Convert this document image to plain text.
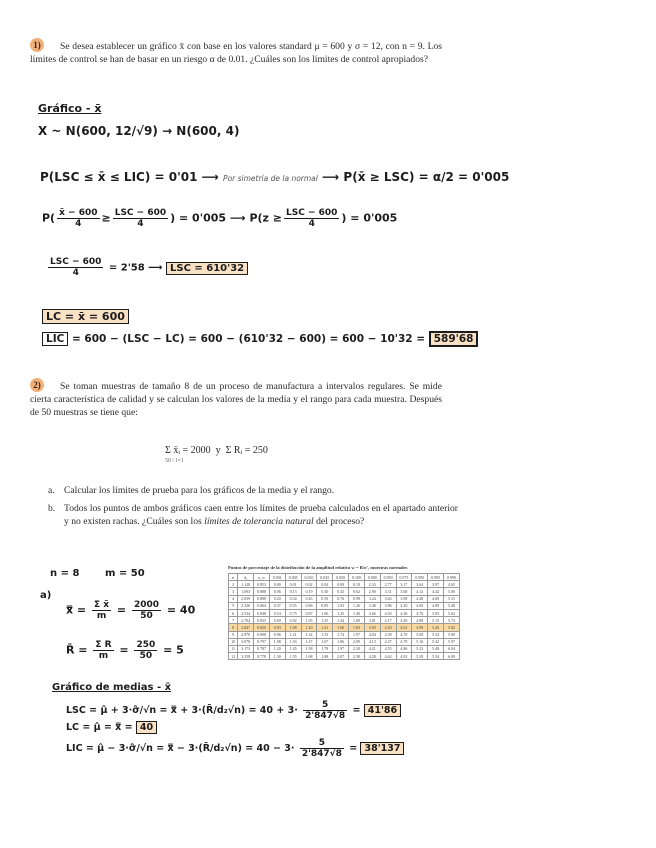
1) Se desea establecer un gráfico x̄ con base en los valores standard μ = 600 y σ = 12, con n = 9. Los límites de control se han de basar en un riesgo α de 0.01. ¿Cuáles son los límites de control apropiados?
Gráfico - x̄
X ~ N(600, 12/√9) → N(600, 4)
P(LSC ≤ x̄ ≤ LIC) = 0'01 ⟶ Por simetría de la normal ⟶ P(x̄ ≥ LSC) = α/2 = 0'005
$P( \frac{x̄ - 600}{4} \ge \frac{\text{LSC − 600}}{4}$ ) = 0'005 ⟶ $P(z \ge \frac{\text{LSC − 600}}{4}$ ) = 0'005
$\frac{\text{LSC − 600}}{4} = 2'58$ ⟶ LSC = 610'32
LC = x̄ = 600
LIC = 600 − (LSC − LC) = 600 − (610'32 − 600) = 600 − 10'32 = 589'68
2) Se toman muestras de tamaño 8 de un proceso de manufactura a intervalos regulares. Se mide cierta característica de calidad y se calculan los valores de la media y el rango para cada muestra. Después de 50 muestras se tiene que:
Σ x̄ᵢ = 2000 y Σ Rᵢ = 250
50 / i=1
a. Calcular los límites de prueba para los gráficos de la media y el rango.
b. Todos los puntos de ambos gráficos caen entre los límites de prueba calculados en el apartado anterior y no existen rachas. ¿Cuáles son los límites de tolerancia natural del proceso?
n = 8	m = 50
a)
x̿ = $\frac{\text{Σ x̄}}{m} = \frac{2000}{50} = 40$
R̄ = $\frac{\text{Σ R}}{m} = \frac{250}{50} = 5$
Gráfico de medias - x̄
LSC = μ̂ + 3·σ̂/√n = x̿ + 3·(R̄/d₂√n) = $40 + 3\cdot \frac{5}{2'847√8} = 41'86$
LC = μ̂ = x̿ = 40
LIC = μ̂ − 3·σ̂/√n = x̿ − 3·(R̄/d₂√n) = $40 - 3\cdot \frac{5}{2'847√8} = 38'137$
Puntos de porcentaje de la distribución de la amplitud relativa w = R/σ', muestras normales
n	d₂	σ_w	0.001	0.005	0.010	0.025	0.050	0.100	0.900	0.950	0.975	0.990	0.995	0.999
2	1.128	0.853	0.00	0.01	0.02	0.04	0.09	0.18	2.33	2.77	3.17	3.64	3.97	4.65
3	1.693	0.888	0.06	0.13	0.19	0.30	0.43	0.62	2.90	3.31	3.68	4.12	4.42	5.06
4	2.059	0.880	0.20	0.34	0.43	0.59	0.76	0.98	3.24	3.63	3.98	4.40	4.69	5.31
5	2.326	0.864	0.37	0.55	0.66	0.85	1.03	1.26	3.48	3.86	4.20	4.60	4.89	5.48
6	2.534	0.848	0.54	0.75	0.87	1.06	1.25	1.49	3.66	4.03	4.36	4.76	5.03	5.62
7	2.704	0.833	0.69	0.92	1.05	1.25	1.44	1.68	3.81	4.17	4.49	4.88	5.15	5.73
8	2.847	0.820	0.83	1.08	1.20	1.41	1.60	1.83	3.93	4.29	4.61	4.99	5.26	5.82
9	2.970	0.808	0.96	1.21	1.34	1.55	1.74	1.97	4.04	4.39	4.70	5.08	5.34	5.90
10	3.078	0.797	1.08	1.33	1.47	1.67	1.86	2.09	4.13	4.47	4.79	5.16	5.42	5.97
11	3.173	0.787	1.20	1.45	1.58	1.78	1.97	2.20	4.21	4.55	4.86	5.23	5.49	6.04
12	3.258	0.778	1.30	1.55	1.68	1.88	2.07	2.30	4.28	4.62	4.92	5.29	5.54	6.09
